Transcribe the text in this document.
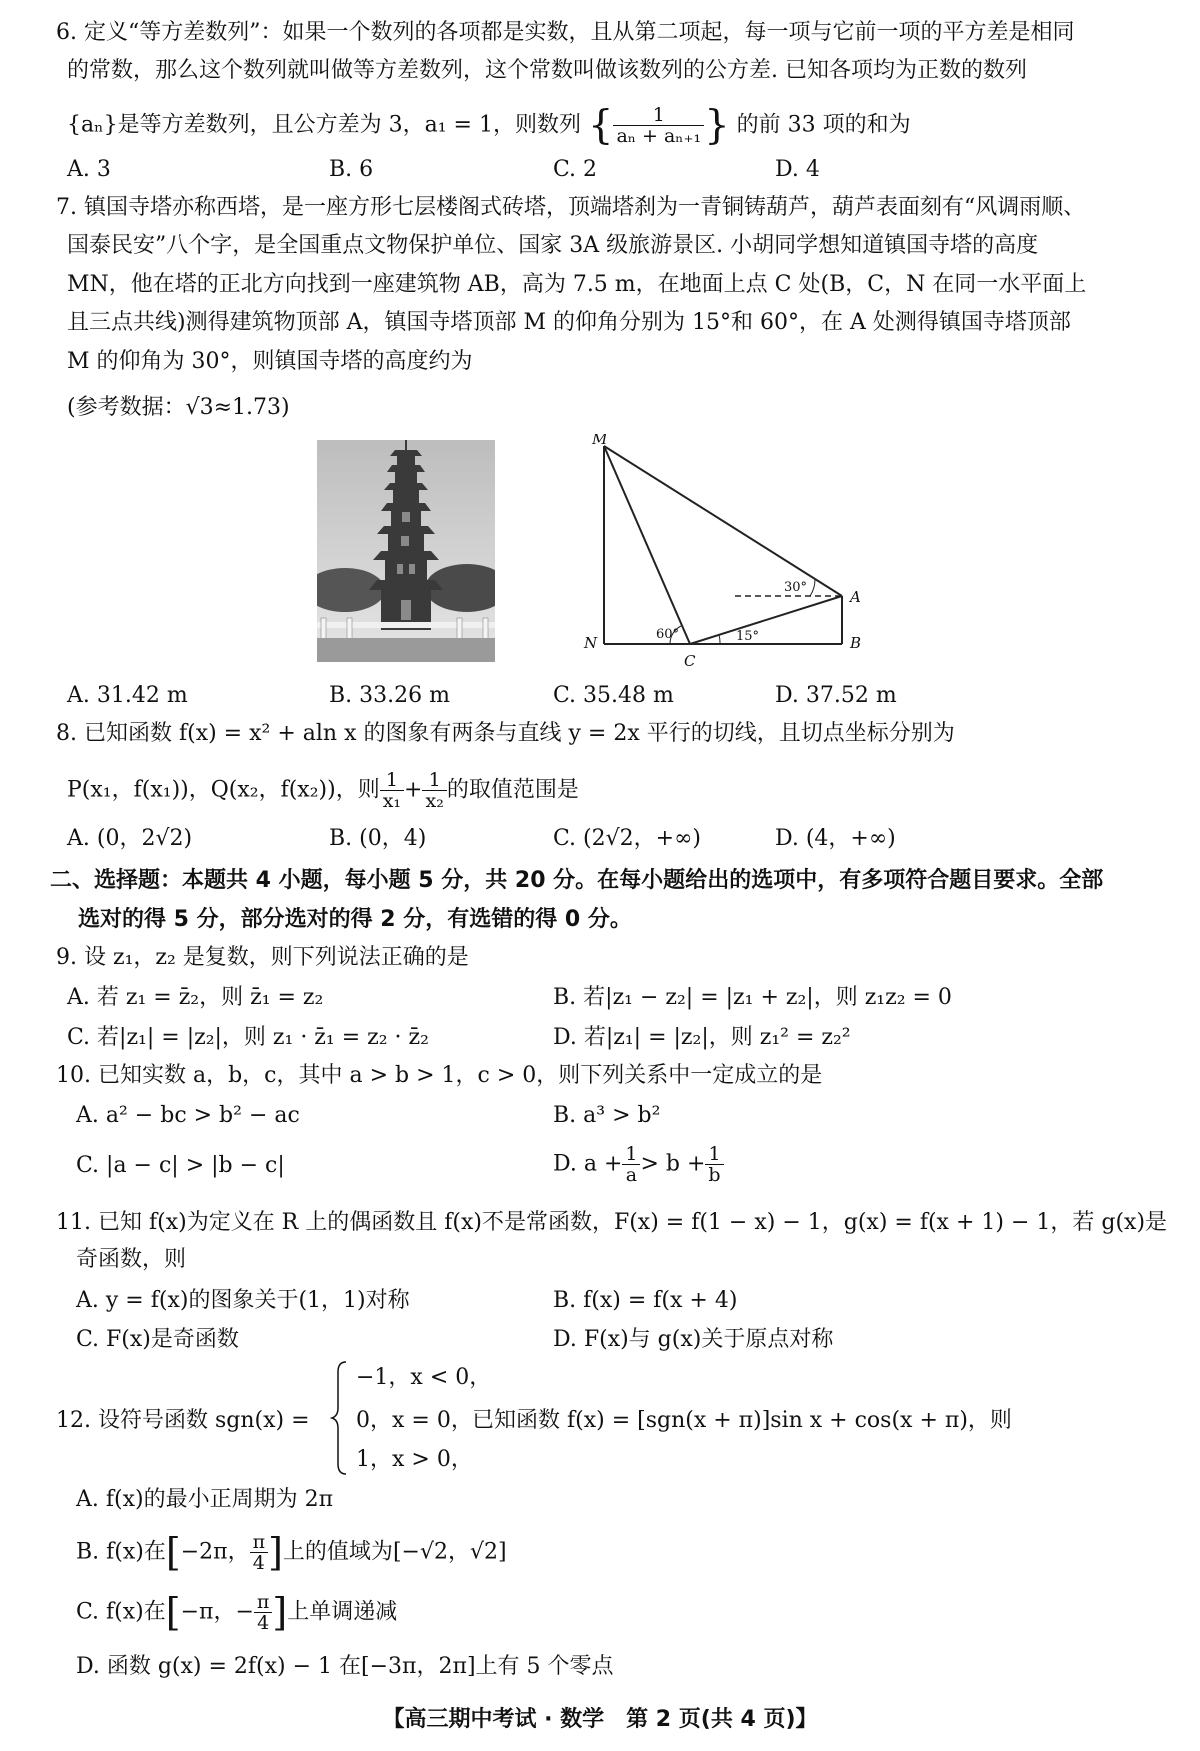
6. 定义“等方差数列”：如果一个数列的各项都是实数，且从第二项起，每一项与它前一项的平方差是相同
的常数，那么这个数列就叫做等方差数列，这个常数叫做该数列的公方差. 已知各项均为正数的数列
{aₙ}是等方差数列，且公方差为 3，a₁ = 1，则数列 { $\frac{1}{\text{aₙ + aₙ₊₁}}$ } 的前 33 项的和为
A. 3	B. 6	C. 2	D. 4
7. 镇国寺塔亦称西塔，是一座方形七层楼阁式砖塔，顶端塔刹为一青铜铸葫芦，葫芦表面刻有“风调雨顺、
国泰民安”八个字，是全国重点文物保护单位、国家 3A 级旅游景区. 小胡同学想知道镇国寺塔的高度
MN，他在塔的正北方向找到一座建筑物 AB，高为 7.5 m，在地面上点 C 处(B，C，N 在同一水平面上
且三点共线)测得建筑物顶部 A，镇国寺塔顶部 M 的仰角分别为 15°和 60°，在 A 处测得镇国寺塔顶部
M 的仰角为 30°，则镇国寺塔的高度约为
(参考数据：√3≈1.73)
M
A
N
C
B
30°
60°	15°
A. 31.42 m	B. 33.26 m	C. 35.48 m	D. 37.52 m
8. 已知函数 f(x) = x² + aln x 的图象有两条与直线 y = 2x 平行的切线，且切点坐标分别为
P(x₁，f(x₁))，Q(x₂，f(x₂))，则 $\frac{1}{\text{x₁}} + \frac{1}{\text{x₂}}$ 的取值范围是
A. (0，2√2)	B. (0，4)	C. (2√2，+∞)	D. (4，+∞)
二、选择题：本题共 4 小题，每小题 5 分，共 20 分。在每小题给出的选项中，有多项符合题目要求。全部
选对的得 5 分，部分选对的得 2 分，有选错的得 0 分。
9. 设 z₁，z₂ 是复数，则下列说法正确的是
A. 若 z₁ = z̄₂，则 z̄₁ = z₂	B. 若|z₁ − z₂| = |z₁ + z₂|，则 z₁z₂ = 0
C. 若|z₁| = |z₂|，则 z₁ · z̄₁ = z₂ · z̄₂	D. 若|z₁| = |z₂|，则 z₁² = z₂²
10. 已知实数 a，b，c，其中 a > b > 1，c > 0，则下列关系中一定成立的是
A. a² − bc > b² − ac	B. a³ > b²
C. |a − c| > |b − c|	D. $a + \frac{1}{a} > b + \frac{1}{b}$
11. 已知 f(x)为定义在 R 上的偶函数且 f(x)不是常函数，F(x) = f(1 − x) − 1，g(x) = f(x + 1) − 1，若 g(x)是
奇函数，则
A. y = f(x)的图象关于(1，1)对称	B. f(x) = f(x + 4)
C. F(x)是奇函数	D. F(x)与 g(x)关于原点对称
12. 设符号函数 sgn(x) =
−1，x < 0，
0，x = 0，
1，x > 0，
已知函数 f(x) = [sgn(x + π)]sin x + cos(x + π)，则
A. f(x)的最小正周期为 2π
B. f(x)在[−2π， $\frac{\pi}{4}$ ]上的值域为[−√2，√2]
C. f(x)在[−π，− $\frac{\pi}{4}$ ]上单调递减
D. 函数 g(x) = 2f(x) − 1 在[−3π，2π]上有 5 个零点
【高三期中考试 · 数学　第 2 页(共 4 页)】
